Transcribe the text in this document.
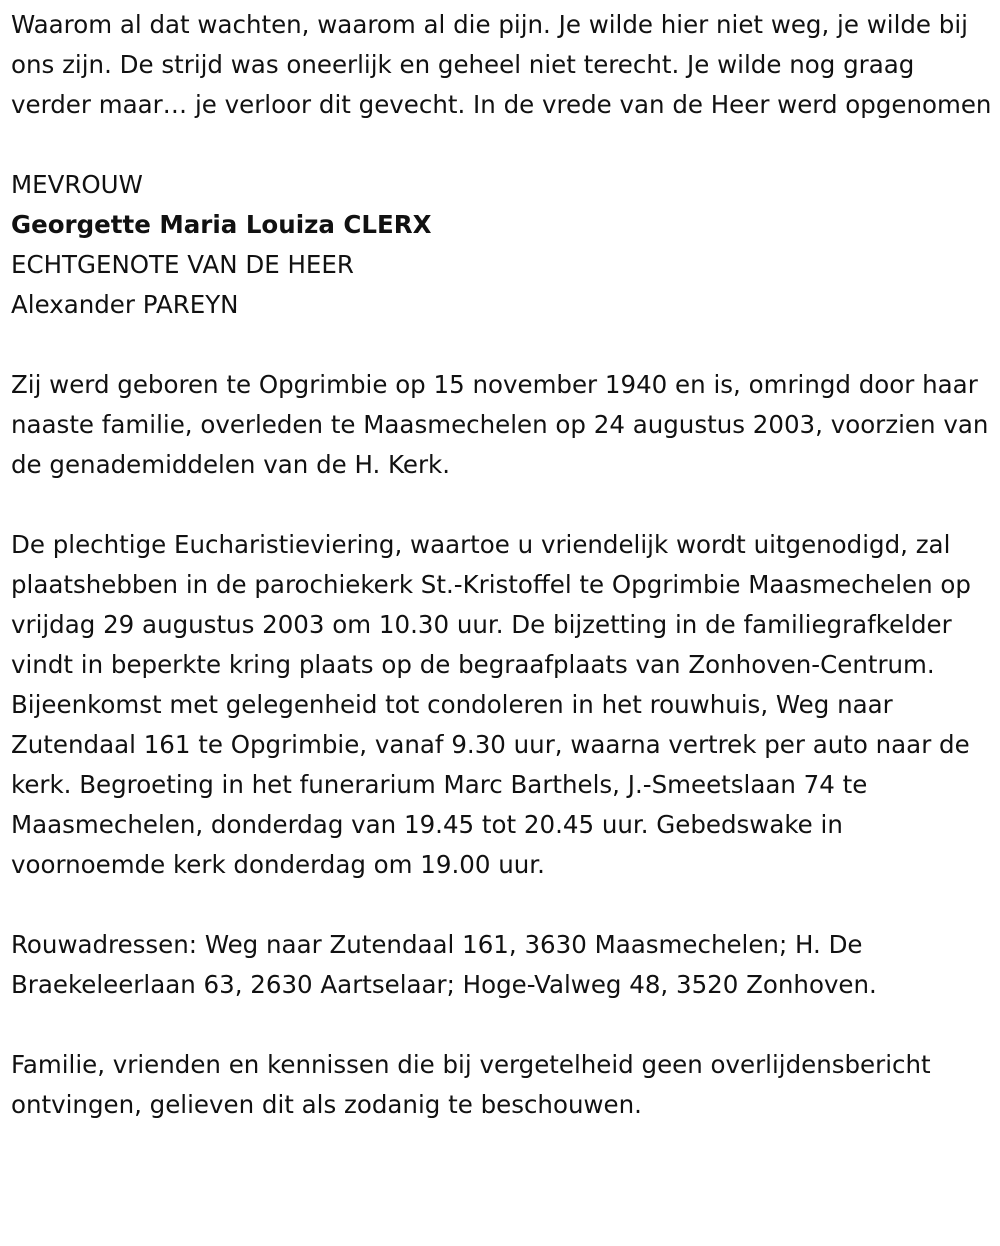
Waarom al dat wachten, waarom al die pijn. Je wilde hier niet weg, je wilde bij ons zijn. De strijd was oneerlijk en geheel niet terecht. Je wilde nog graag verder maar… je verloor dit gevecht. In de vrede van de Heer werd opgenomen

MEVROUW

Georgette Maria Louiza CLERX

ECHTGENOTE VAN DE HEER

Alexander PAREYN

Zij werd geboren te Opgrimbie op 15 november 1940 en is, omringd door haar naaste familie, overleden te Maasmechelen op 24 augustus 2003, voorzien van de genademiddelen van de H. Kerk.

De plechtige Eucharistieviering, waartoe u vriendelijk wordt uitgenodigd, zal plaatshebben in de parochiekerk St.-Kristoffel te Opgrimbie Maasmechelen op vrijdag 29 augustus 2003 om 10.30 uur. De bijzetting in de familiegrafkelder vindt in beperkte kring plaats op de begraafplaats van Zonhoven-Centrum. Bijeenkomst met gelegenheid tot condoleren in het rouwhuis, Weg naar Zutendaal 161 te Opgrimbie, vanaf 9.30 uur, waarna vertrek per auto naar de kerk. Begroeting in het funerarium Marc Barthels, J.-Smeetslaan 74 te Maasmechelen, donderdag van 19.45 tot 20.45 uur. Gebedswake in voornoemde kerk donderdag om 19.00 uur.

Rouwadressen: Weg naar Zutendaal 161, 3630 Maasmechelen; H. De Braekeleerlaan 63, 2630 Aartselaar; Hoge-Valweg 48, 3520 Zonhoven.

Familie, vrienden en kennissen die bij vergetelheid geen overlijdensbericht ontvingen, gelieven dit als zodanig te beschouwen.
